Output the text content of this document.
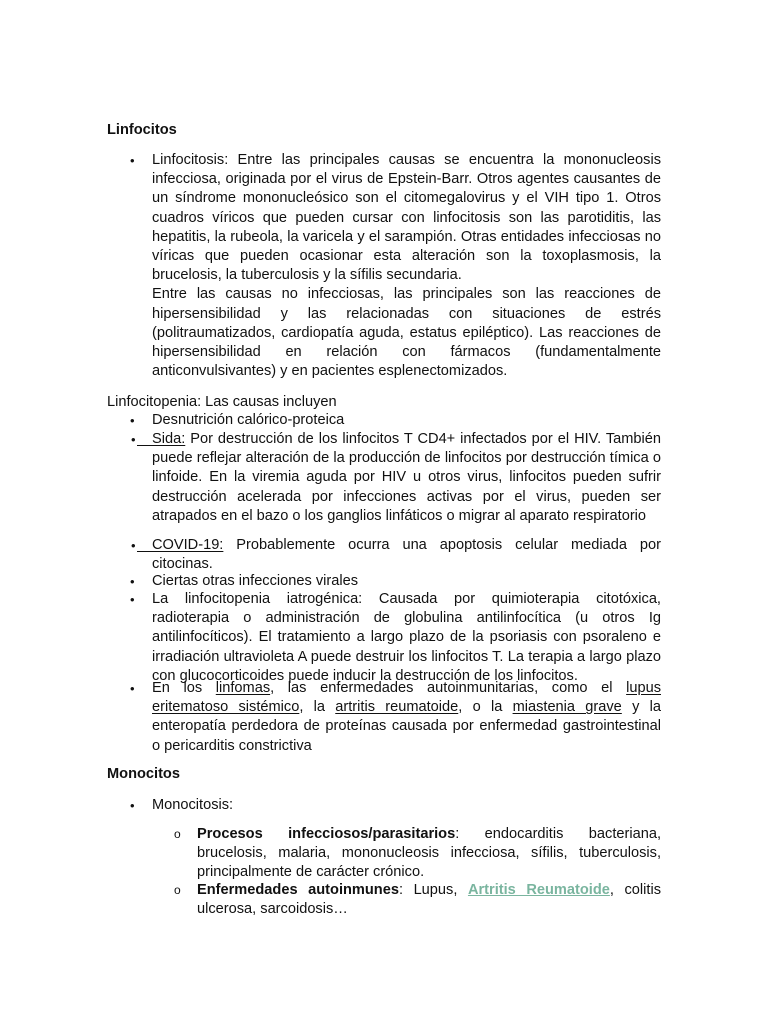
Linfocitos
•	Linfocitosis: Entre las principales causas se encuentra la mononucleosis infecciosa, originada por el virus de Epstein-Barr. Otros agentes causantes de un síndrome mononucleósico son el citomegalovirus y el VIH tipo 1. Otros cuadros víricos que pueden cursar con linfocitosis son las parotiditis, las hepatitis, la rubeola, la varicela y el sarampión. Otras entidades infecciosas no víricas que pueden ocasionar esta alteración son la toxoplasmosis, la brucelosis, la tuberculosis y la sífilis secundaria.

Entre las causas no infecciosas, las principales son las reacciones de hipersensibilidad y las relacionadas con situaciones de estrés (politraumatizados, cardiopatía aguda, estatus epiléptico). Las reacciones de hipersensibilidad en relación con fármacos (fundamentalmente anticonvulsivantes) y en pacientes esplenectomizados.

Linfocitopenia: Las causas incluyen
•	Desnutrición calórico-proteica
• Sida: Por destrucción de los linfocitos T CD4+ infectados por el HIV. También puede reflejar alteración de la producción de linfocitos por destrucción tímica o linfoide. En la viremia aguda por HIV u otros virus, linfocitos pueden sufrir destrucción acelerada por infecciones activas por el virus, pueden ser atrapados en el bazo o los ganglios linfáticos o migrar al aparato respiratorio
• COVID-19: Probablemente ocurra una apoptosis celular mediada por citocinas.
•	Ciertas otras infecciones virales
•	La linfocitopenia iatrogénica: Causada por quimioterapia citotóxica, radioterapia o administración de globulina antilinfocítica (u otros Ig antilinfocíticos). El tratamiento a largo plazo de la psoriasis con psoraleno e irradiación ultravioleta A puede destruir los linfocitos T. La terapia a largo plazo con glucocorticoides puede inducir la destrucción de los linfocitos.
•	En los linfomas, las enfermedades autoinmunitarias, como el lupus eritematoso sistémico, la artritis reumatoide, o la miastenia grave y la enteropatía perdedora de proteínas causada por enfermedad gastrointestinal o pericarditis constrictiva
Monocitos
•	Monocitosis:
o Procesos infecciosos/parasitarios: endocarditis bacteriana, brucelosis, malaria, mononucleosis infecciosa, sífilis, tuberculosis, principalmente de carácter crónico.
o Enfermedades autoinmunes: Lupus, Artritis Reumatoide, colitis ulcerosa, sarcoidosis…
